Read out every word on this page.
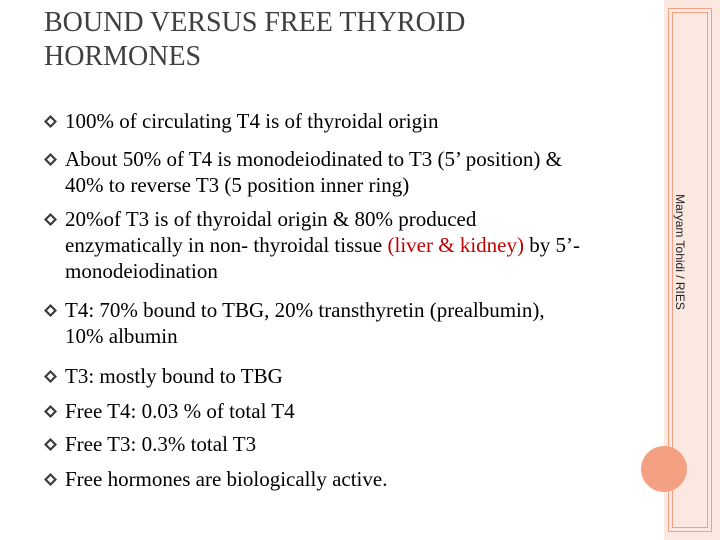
Maryam Tohidi / RIES
BOUND VERSUS FREE THYROID
HORMONES
100% of circulating T4 is of thyroidal origin
About 50% of T4 is monodeiodinated to T3 (5’ position) &
40% to reverse T3 (5 position inner ring)
20%of T3 is of thyroidal origin & 80% produced
enzymatically in non- thyroidal tissue (liver & kidney) by 5’-
monodeiodination
T4: 70% bound to TBG, 20% transthyretin (prealbumin),
10% albumin
T3: mostly bound to TBG
Free T4: 0.03 % of total T4
Free T3: 0.3% total T3
Free hormones are biologically active.
